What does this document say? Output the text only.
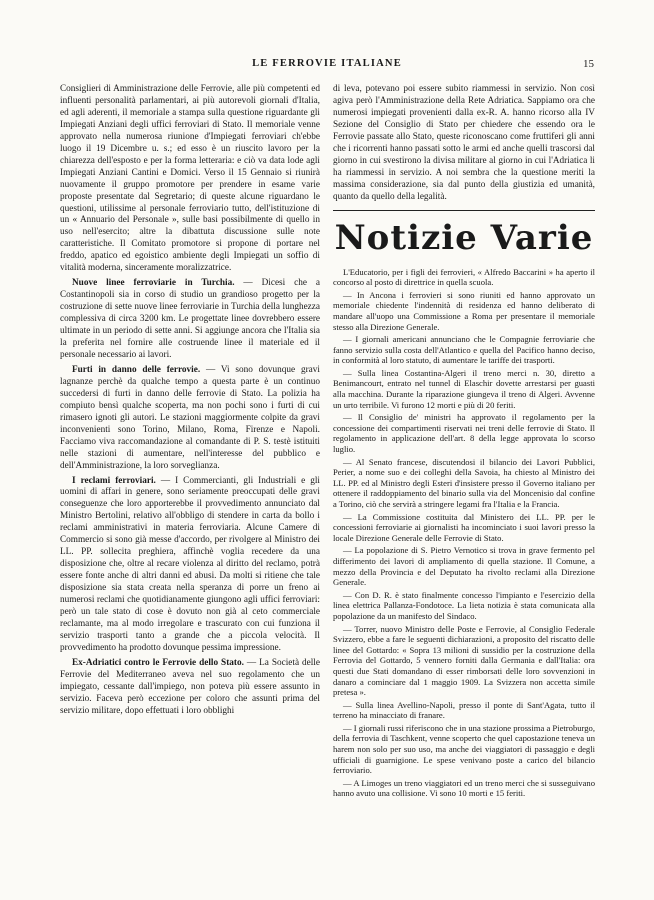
LE FERROVIE ITALIANE	15

Consiglieri di Amministrazione delle Ferrovie, alle più competenti ed influenti personalità parlamentari, ai più autorevoli giornali d'Italia, ed agli aderenti, il memoriale a stampa sulla questione riguardante gli Impiegati Anziani degli uffici ferroviari di Stato. Il memoriale venne approvato nella numerosa riunione d'Impiegati ferroviari ch'ebbe luogo il 19 Dicembre u. s.; ed esso è un riuscito lavoro per la chiarezza dell'esposto e per la forma letteraria: e ciò va data lode agli Impiegati Anziani Cantini e Domici. Verso il 15 Gennaio si riunirà nuovamente il gruppo promotore per prendere in esame varie proposte presentate dal Segretario; di queste alcune riguardano le questioni, utilissime al personale ferroviario tutto, dell'istituzione di un « Annuario del Personale », sulle basi possibilmente di quello in uso nell'esercito; altre la dibattuta discussione sulle note caratteristiche. Il Comitato promotore si propone di portare nel freddo, apatico ed egoistico ambiente degli Impiegati un soffio di vitalità moderna, sinceramente moralizzatrice.

Nuove linee ferroviarie in Turchia. — Dicesi che a Costantinopoli sia in corso di studio un grandioso progetto per la costruzione di sette nuove linee ferroviarie in Turchia della lunghezza complessiva di circa 3200 km. Le progettate linee dovrebbero essere ultimate in un periodo di sette anni. Si aggiunge ancora che l'Italia sia la preferita nel fornire alle costruende linee il materiale ed il personale necessario ai lavori.

Furti in danno delle ferrovie. — Vi sono dovunque gravi lagnanze perchè da qualche tempo a questa parte è un continuo succedersi di furti in danno delle ferrovie di Stato. La polizia ha compiuto bensì qualche scoperta, ma non pochi sono i furti di cui rimasero ignoti gli autori. Le stazioni maggiormente colpite da gravi inconvenienti sono Torino, Milano, Roma, Firenze e Napoli. Facciamo viva raccomandazione al comandante di P. S. testè istituiti nelle stazioni di aumentare, nell'interesse del pubblico e dell'Amministrazione, la loro sorveglianza.

I reclami ferroviari. — I Commercianti, gli Industriali e gli uomini di affari in genere, sono seriamente preoccupati delle gravi conseguenze che loro apporterebbe il provvedimento annunciato dal Ministro Bertolini, relativo all'obbligo di stendere in carta da bollo i reclami amministrativi in materia ferroviaria. Alcune Camere di Commercio si sono già messe d'accordo, per rivolgere al Ministro dei LL. PP. sollecita preghiera, affinchè voglia recedere da una disposizione che, oltre al recare violenza al diritto del reclamo, potrà essere fonte anche di altri danni ed abusi. Da molti si ritiene che tale disposizione sia stata creata nella speranza di porre un freno ai numerosi reclami che quotidianamente giungono agli uffici ferroviari: però un tale stato di cose è dovuto non già al ceto commerciale reclamante, ma al modo irregolare e trascurato con cui funziona il servizio trasporti tanto a grande che a piccola velocità. Il provvedimento ha prodotto dovunque pessima impressione.

Ex-Adriatici contro le Ferrovie dello Stato. — La Società delle Ferrovie del Mediterraneo aveva nel suo regolamento che un impiegato, cessante dall'impiego, non poteva più essere assunto in servizio. Faceva però eccezione per coloro che assunti prima del servizio militare, dopo effettuati i loro obblighi

di leva, potevano poi essere subito riammessi in servizio. Non così agiva però l'Amministrazione della Rete Adriatica. Sappiamo ora che numerosi impiegati provenienti dalla ex-R. A. hanno ricorso alla IV Sezione del Consiglio di Stato per chiedere che essendo ora le Ferrovie passate allo Stato, queste riconoscano come fruttiferi gli anni che i ricorrenti hanno passati sotto le armi ed anche quelli trascorsi dal giorno in cui svestirono la divisa militare al giorno in cui l'Adriatica li ha riammessi in servizio. A noi sembra che la questione meriti la massima considerazione, sia dal punto della giustizia ed umanità, quanto da quello della legalità.

Notizie Varie

L'Educatorio, per i figli dei ferrovieri, « Alfredo Baccarini » ha aperto il concorso al posto di direttrice in quella scuola.

— In Ancona i ferrovieri si sono riuniti ed hanno approvato un memoriale chiedente l'indennità di residenza ed hanno deliberato di mandare all'uopo una Commissione a Roma per presentare il memoriale stesso alla Direzione Generale.

— I giornali americani annunciano che le Compagnie ferroviarie che fanno servizio sulla costa dell'Atlantico e quella del Pacifico hanno deciso, in conformità al loro statuto, di aumentare le tariffe dei trasporti.

— Sulla linea Costantina-Algeri il treno merci n. 30, diretto a Benimancourt, entrato nel tunnel di Elaschir dovette arrestarsi per guasti alla macchina. Durante la riparazione giungeva il treno di Algeri. Avvenne un urto terribile. Vi furono 12 morti e più di 20 feriti.

— Il Consiglio de' ministri ha approvato il regolamento per la concessione dei compartimenti riservati nei treni delle ferrovie di Stato. Il regolamento in applicazione dell'art. 8 della legge approvata lo scorso luglio.

— Al Senato francese, discutendosi il bilancio dei Lavori Pubblici, Perier, a nome suo e dei colleghi della Savoia, ha chiesto al Ministro dei LL. PP. ed al Ministro degli Esteri d'insistere presso il Governo italiano per ottenere il raddoppiamento del binario sulla via del Moncenisio dal confine a Torino, ciò che servirà a stringere legami fra l'Italia e la Francia.

— La Commissione costituita dal Ministero dei LL. PP. per le concessioni ferroviarie ai giornalisti ha incominciato i suoi lavori presso la locale Direzione Generale delle Ferrovie di Stato.

— La popolazione di S. Pietro Vernotico si trova in grave fermento pel differimento dei lavori di ampliamento di quella stazione. Il Comune, a mezzo della Provincia e del Deputato ha rivolto reclami alla Direzione Generale.

— Con D. R. è stato finalmente concesso l'impianto e l'esercizio della linea elettrica Pallanza-Fondotoce. La lieta notizia è stata comunicata alla popolazione da un manifesto del Sindaco.

— Torrer, nuovo Ministro delle Poste e Ferrovie, al Consiglio Federale Svizzero, ebbe a fare le seguenti dichiarazioni, a proposito del riscatto delle linee del Gottardo: « Sopra 13 milioni di sussidio per la costruzione della Ferrovia del Gottardo, 5 vennero forniti dalla Germania e dall'Italia: ora questi due Stati domandano di esser rimborsati delle loro sovvenzioni in danaro a cominciare dal 1 maggio 1909. La Svizzera non accetta simile pretesa ».

— Sulla linea Avellino-Napoli, presso il ponte di Sant'Agata, tutto il terreno ha minacciato di franare.

— I giornali russi riferiscono che in una stazione prossima a Pietroburgo, della ferrovia di Taschkent, venne scoperto che quel capostazione teneva un harem non solo per suo uso, ma anche dei viaggiatori di passaggio e degli ufficiali di guarnigione. Le spese venivano poste a carico del bilancio ferroviario.

— A Limoges un treno viaggiatori ed un treno merci che si susseguivano hanno avuto una collisione. Vi sono 10 morti e 15 feriti.
